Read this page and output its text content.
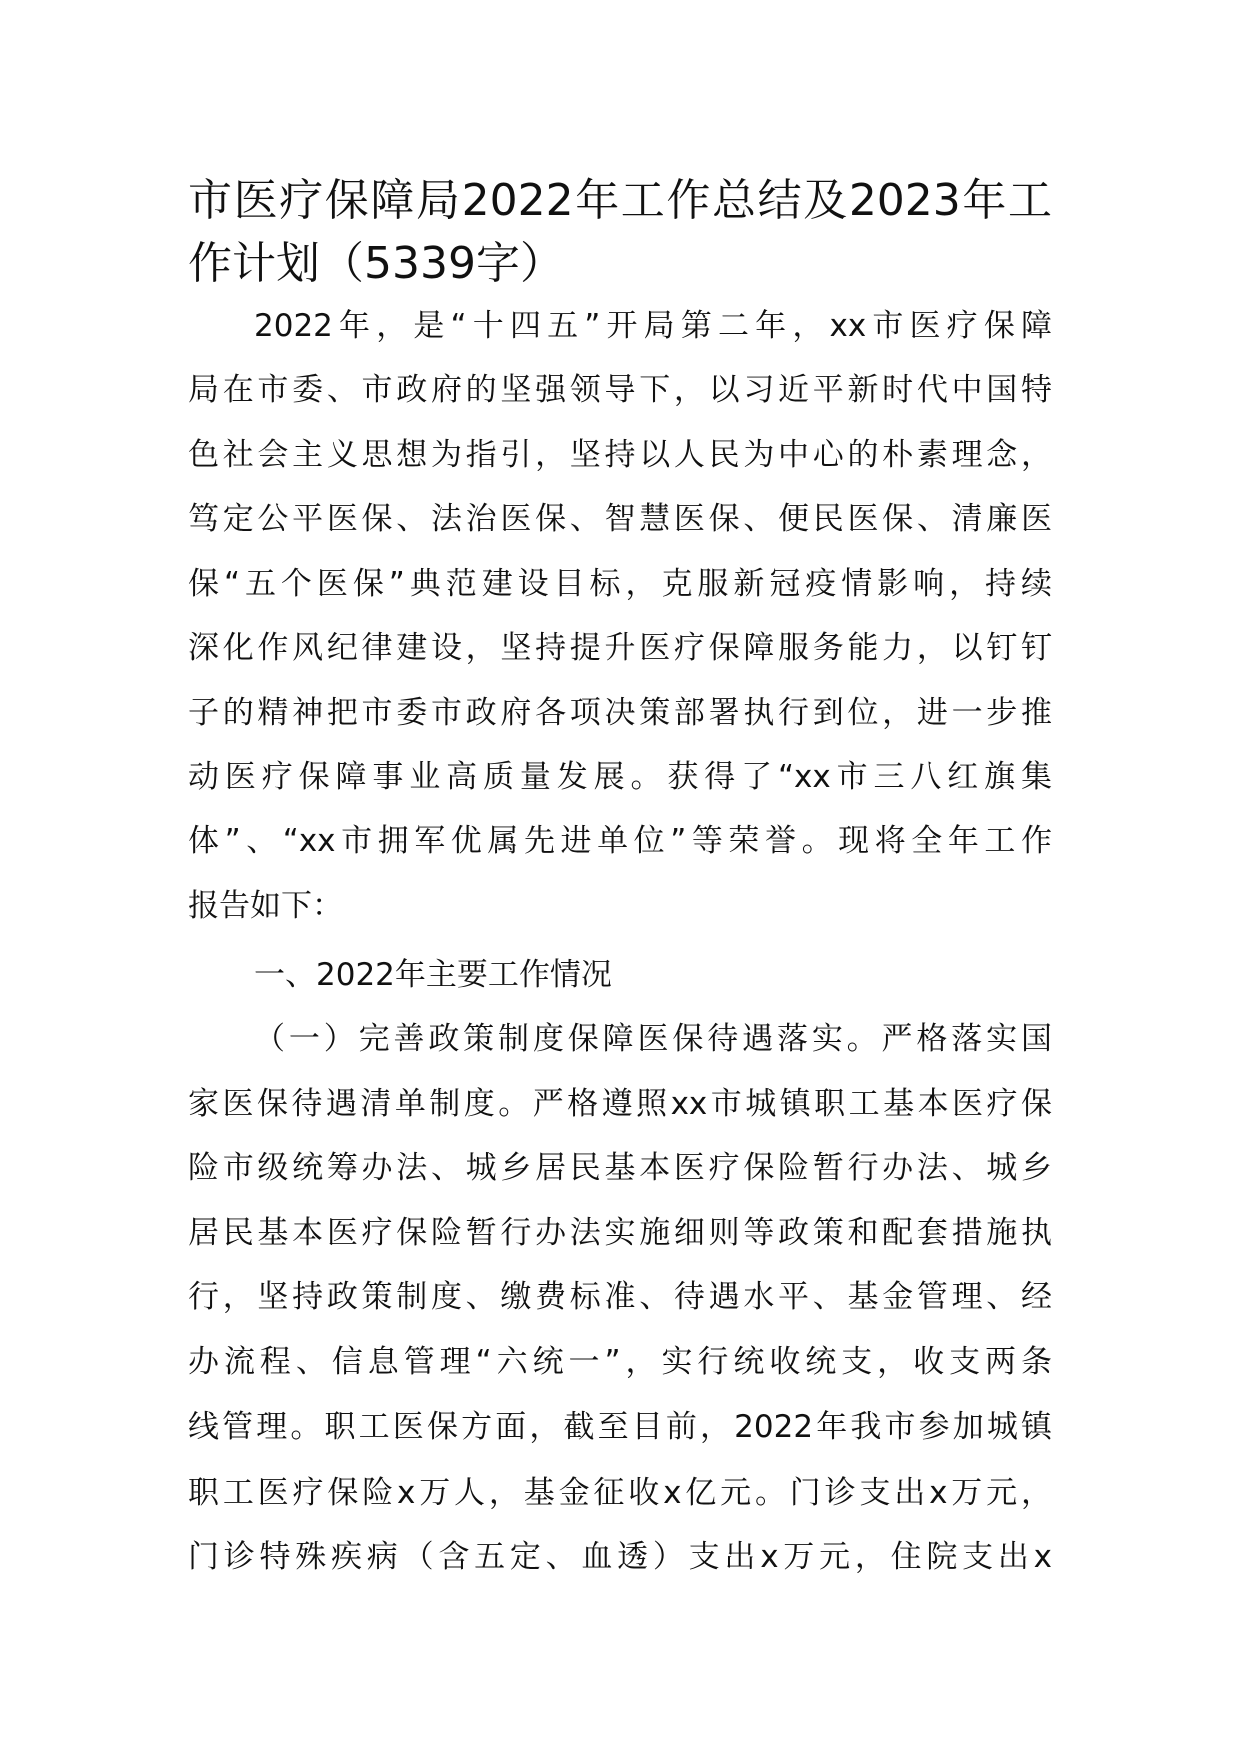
市医疗保障局2022年工作总结及2023年工
作计划（5339字）
2022年，是“十四五”开局第二年，xx市医疗保障
局在市委、市政府的坚强领导下，以习近平新时代中国特
色社会主义思想为指引，坚持以人民为中心的朴素理念，
笃定公平医保、法治医保、智慧医保、便民医保、清廉医
保“五个医保”典范建设目标，克服新冠疫情影响，持续
深化作风纪律建设，坚持提升医疗保障服务能力，以钉钉
子的精神把市委市政府各项决策部署执行到位，进一步推
动医疗保障事业高质量发展。获得了“xx市三八红旗集
体”、“xx市拥军优属先进单位”等荣誉。现将全年工作
报告如下：
一、2022年主要工作情况
（一）完善政策制度保障医保待遇落实。严格落实国
家医保待遇清单制度。严格遵照xx市城镇职工基本医疗保
险市级统筹办法、城乡居民基本医疗保险暂行办法、城乡
居民基本医疗保险暂行办法实施细则等政策和配套措施执
行，坚持政策制度、缴费标准、待遇水平、基金管理、经
办流程、信息管理“六统一”，实行统收统支，收支两条
线管理。职工医保方面，截至目前，2022年我市参加城镇
职工医疗保险x万人，基金征收x亿元。门诊支出x万元，
门诊特殊疾病（含五定、血透）支出x万元，住院支出x
